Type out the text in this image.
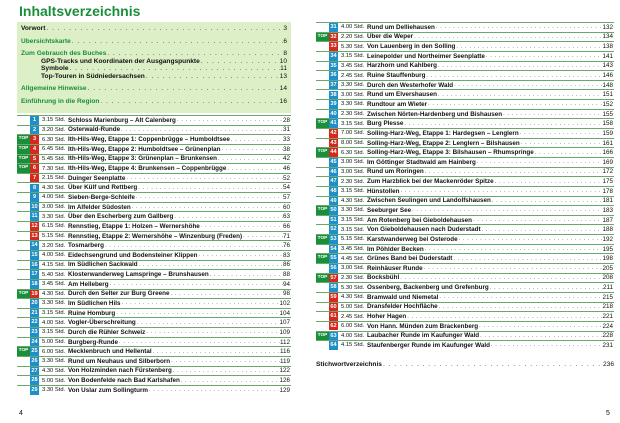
Inhaltsverzeichnis
Vorwort . . .	3
Übersichtskarte . . .	6
Zum Gebrauch des Buches . . .	8
GPS-Tracks und Koordinaten der Ausgangspunkte . . .	10
Symbole . . .	11
Top-Touren in Südniedersachsen . . .	13
Allgemeine Hinweise . . .	14
Einführung in die Region . . .	16
1	3.15 Std. Schloss Marienburg – Alt Calenberg . . .	28
2	3.20 Std. Osterwald-Runde . . .	31
TOP 3	6.30 Std. Ith-Hils-Weg, Etappe 1: Coppenbrügge – Humboldtsee . . .	33
TOP 4	6.45 Std. Ith-Hils-Weg, Etappe 2: Humboldtsee – Grünenplan . . .	38
TOP 5	5.45 Std. Ith-Hils-Weg, Etappe 3: Grünenplan – Brunkensen . . .	42
TOP 6	7.30 Std. Ith-Hils-Weg, Etappe 4: Brunkensen – Coppenbrügge . . .	46
7	2.15 Std. Duinger Seenplatte . . .	52
8	4.30 Std. Über Külf und Rettberg . . .	54
9	4.00 Std. Sieben-Berge-Schleife . . .	57
10 3.00 Std. Im Alfelder Südosten . . .	60
11 3.30 Std. Über den Escherberg zum Gallberg . . .	63
12 6.15 Std. Rennstieg, Etappe 1: Holzen – Wernershöhe . . .	66
13 5.15 Std. Rennstieg, Etappe 2: Wernershöhe – Winzenburg (Freden) . . .	71
14 3.20 Std. Tosmarberg . . .	76
15 4.00 Std. Eidechsengrund und Bodensteiner Klippen . . .	83
16 4.15 Std. Im Südlichen Sackwald . . .	86
17 5.40 Std. Klosterwanderweg Lamspringe – Brunshausen . . .	88
18 3.45 Std. Am Helleberg . . .	94
TOP 19 4.30 Std. Durch den Selter zur Burg Greene . . .	98
20 3.30 Std. Im Südlichen Hils . . .	102
21 3.15 Std. Ruine Homburg . . .	104
22 4.00 Std. Vogler-Überschreitung . . .	107
23 3.15 Std. Durch die Rühler Schweiz . . .	109
24 5.00 Std. Burgberg-Runde . . .	112
TOP 25 6.00 Std. Mecklenbruch und Hellental . . .	116
26 3.30 Std. Rund um Neuhaus und Silberborn . . .	119
27 4.30 Std. Von Holzminden nach Fürstenberg . . .	122
28 5.00 Std. Von Bodenfelde nach Bad Karlshafen . . .	126
29 3.30 Std. Von Uslar zum Sollingturm . . .	129
31 4.00 Std. Rund um Delliehausen . . .	132
TOP 32 2.20 Std. Über die Weper . . .	134
33 5.30 Std. Von Lauenberg in den Solling . . .	138
34 3.15 Std. Leinepolder und Northeimer Seenplatte . . .	141
35 3.45 Std. Harzhorn und Kahlberg . . .	143
36 2.45 Std. Ruine Stauffenburg . . .	146
37 3.30 Std. Durch den Westerhofer Wald . . .	148
38 3.00 Std. Rund um Elvershausen . . .	151
39 3.30 Std. Rundtour am Wieter . . .	152
40 2.30 Std. Zwischen Nörten-Hardenberg und Bishausen . . .	155
TOP 41 3.15 Std. Burg Plesse . . .	158
42 7.00 Std. Solling-Harz-Weg, Etappe 1: Hardegsen – Lenglern . . .	159
43 8.00 Std. Solling-Harz-Weg, Etappe 2: Lenglern – Bilshausen . . .	161
TOP 44 6.30 Std. Solling-Harz-Weg, Etappe 3: Bilshausen – Rhumspringe . . .	166
45 3.00 Std. Im Göttinger Stadtwald am Hainberg . . .	169
46 3.00 Std. Rund um Roringen . . .	172
47 2.30 Std. Zum Harzblick bei der Mackenröder Spitze . . .	175
48 3.15 Std. Hünstollen . . .	178
49 4.30 Std. Zwischen Seulingen und Landolfshausen . . .	181
TOP 50 3.30 Std. Seeburger See . . .	183
51 3.15 Std. Am Rotenberg bei Gieboldehausen . . .	187
52 3.15 Std. Von Gieboldehausen nach Duderstadt . . .	188
TOP 53 5.15 Std. Karstwanderweg bei Osterode . . .	192
54 3.45 Std. Im Pöhlder Becken . . .	195
TOP 55 4.45 Std. Grünes Band bei Duderstadt . . .	198
56 3.00 Std. Reinhäuser Runde . . .	205
TOP 57 2.30 Std. Bocksbühl . . .	208
58 5.30 Std. Ossenberg, Backenberg und Grefenburg . . .	211
59 4.30 Std. Bramwald und Niemetal . . .	215
60 5.00 Std. Dransfelder Hochfläche . . .	218
61 2.45 Std. Hoher Hagen . . .	221
62 6.00 Std. Von Hann. Münden zum Brackenberg . . .	224
TOP 63 4.00 Std. Laubacher Runde im Kaufunger Wald . . .	228
64 4.15 Std. Staufenberger Runde im Kaufunger Wald . . .	231
Stichwortverzeichnis . . .	236
4	5
